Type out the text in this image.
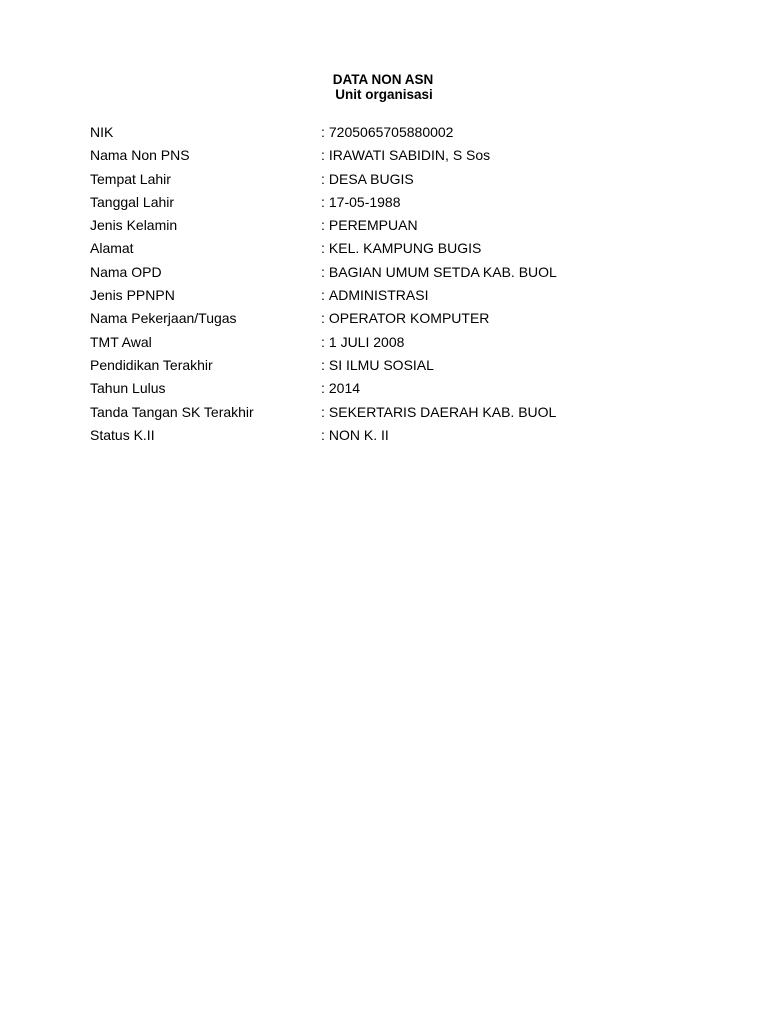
DATA NON ASN
Unit organisasi
NIK	: 7205065705880002
Nama Non PNS	: IRAWATI SABIDIN, S Sos
Tempat Lahir	: DESA BUGIS
Tanggal Lahir	: 17-05-1988
Jenis Kelamin	: PEREMPUAN
Alamat	: KEL. KAMPUNG BUGIS
Nama OPD	: BAGIAN UMUM SETDA KAB. BUOL
Jenis PPNPN	: ADMINISTRASI
Nama Pekerjaan/Tugas	: OPERATOR KOMPUTER
TMT Awal	: 1 JULI 2008
Pendidikan Terakhir	: SI ILMU SOSIAL
Tahun Lulus	: 2014
Tanda Tangan SK Terakhir	: SEKERTARIS DAERAH KAB. BUOL
Status K.II	: NON K. II
